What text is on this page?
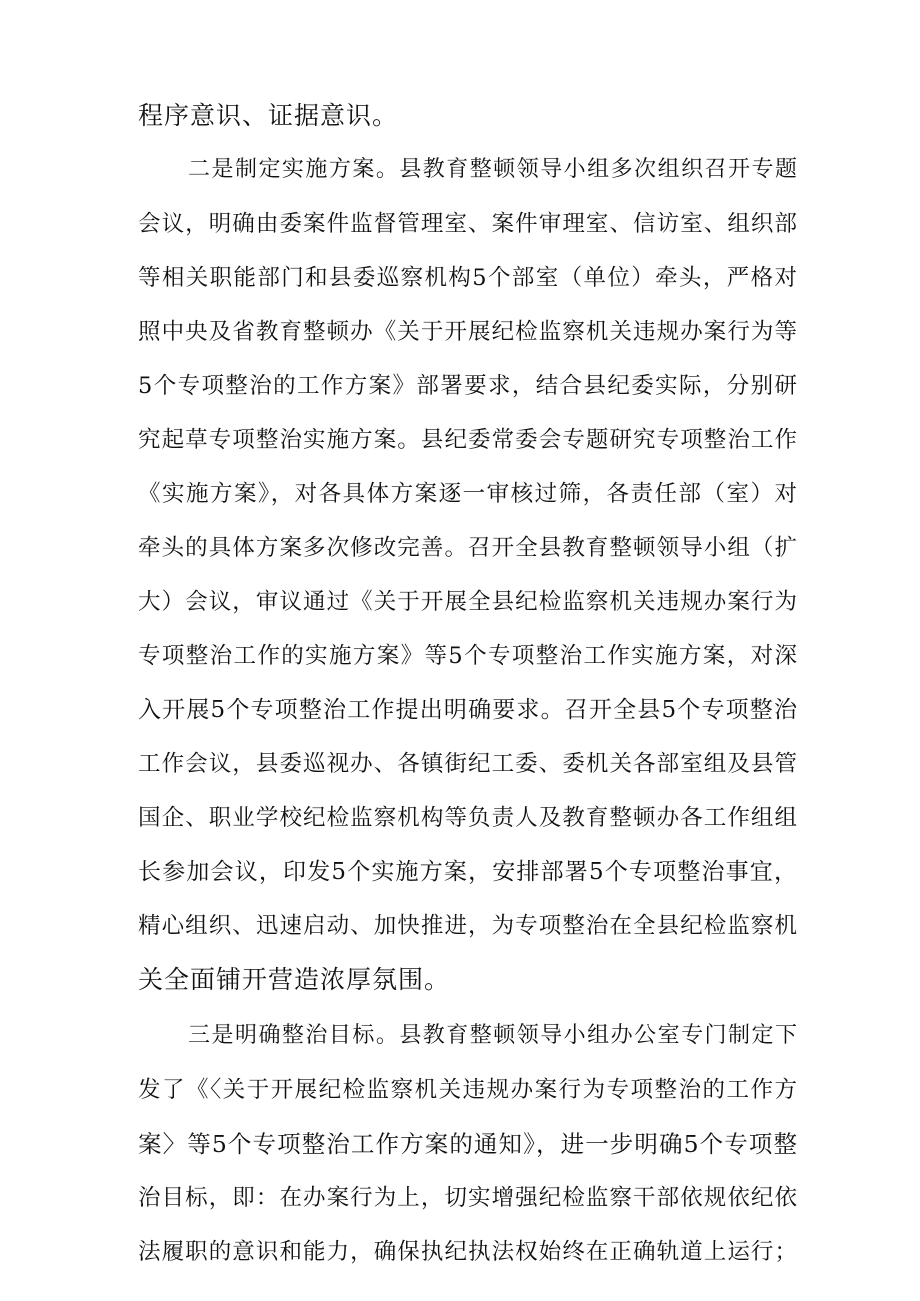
程序意识、证据意识。
二是制定实施方案。县教育整顿领导小组多次组织召开专题
会议，明确由委案件监督管理室、案件审理室、信访室、组织部
等相关职能部门和县委巡察机构5个部室（单位）牵头，严格对
照中央及省教育整顿办《关于开展纪检监察机关违规办案行为等
5个专项整治的工作方案》部署要求，结合县纪委实际，分别研
究起草专项整治实施方案。县纪委常委会专题研究专项整治工作
《实施方案》，对各具体方案逐一审核过筛，各责任部（室）对
牵头的具体方案多次修改完善。召开全县教育整顿领导小组（扩
大）会议，审议通过《关于开展全县纪检监察机关违规办案行为
专项整治工作的实施方案》等5个专项整治工作实施方案，对深
入开展5个专项整治工作提出明确要求。召开全县5个专项整治
工作会议，县委巡视办、各镇街纪工委、委机关各部室组及县管
国企、职业学校纪检监察机构等负责人及教育整顿办各工作组组
长参加会议，印发5个实施方案，安排部署5个专项整治事宜，
精心组织、迅速启动、加快推进，为专项整治在全县纪检监察机
关全面铺开营造浓厚氛围。
三是明确整治目标。县教育整顿领导小组办公室专门制定下
发了《〈关于开展纪检监察机关违规办案行为专项整治的工作方
案〉等5个专项整治工作方案的通知》，进一步明确5个专项整
治目标，即：在办案行为上，切实增强纪检监察干部依规依纪依
法履职的意识和能力，确保执纪执法权始终在正确轨道上运行；
